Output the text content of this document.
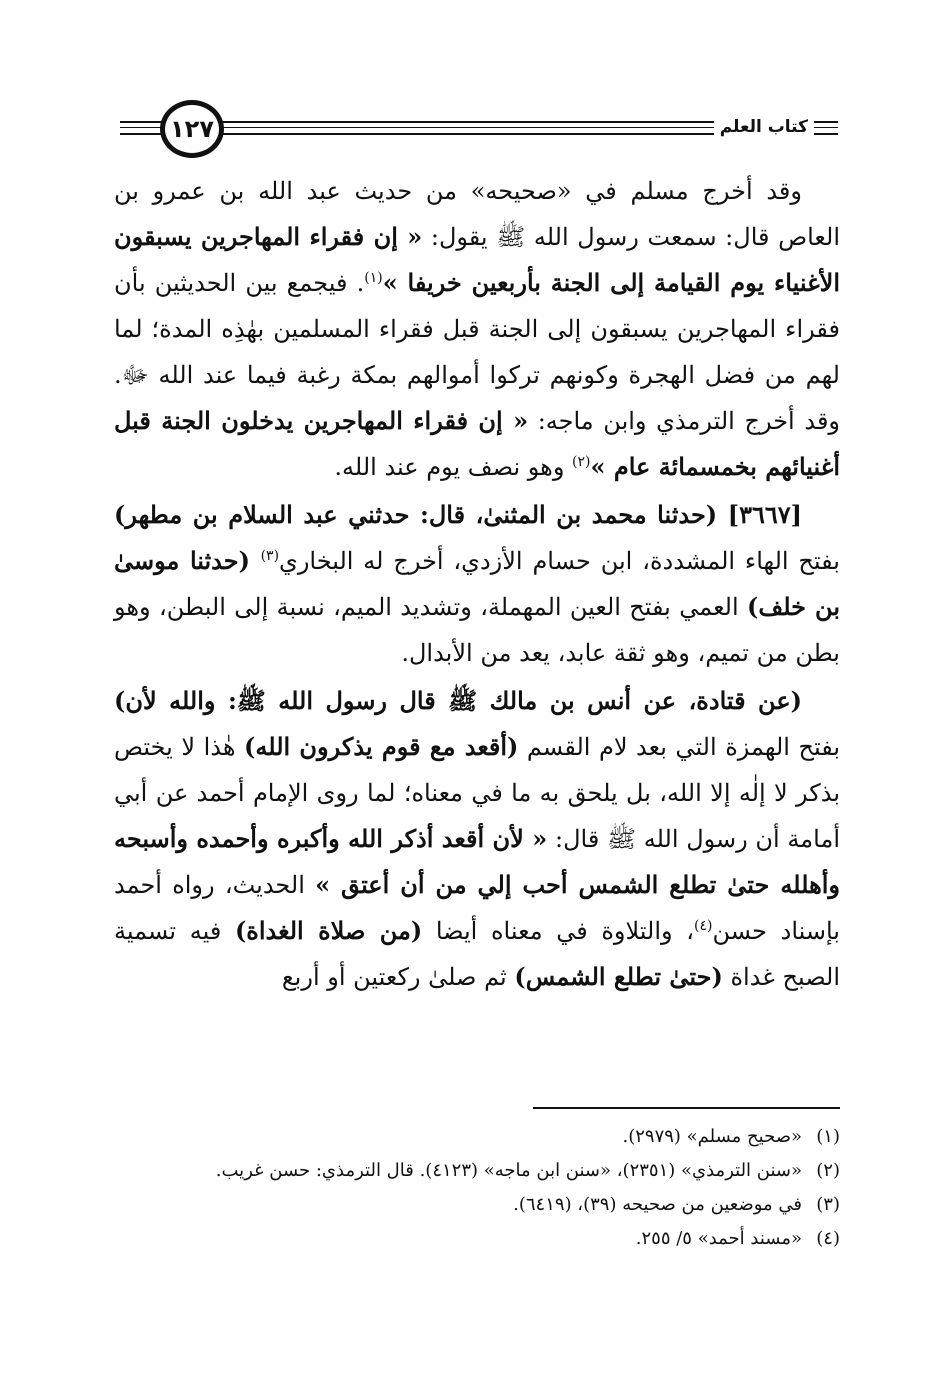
كتاب العلم
١٢٧

وقد أخرج مسلم في «صحيحه» من حديث عبد الله بن عمرو بن العاص قال: سمعت رسول الله ﷺ يقول: « إن فقراء المهاجرين يسبقون الأغنياء يوم القيامة إلى الجنة بأربعين خريفا »$^{(١)}$. فيجمع بين الحديثين بأن فقراء المهاجرين يسبقون إلى الجنة قبل فقراء المسلمين بهٰذِه المدة؛ لما لهم من فضل الهجرة وكونهم تركوا أموالهم بمكة رغبة فيما عند الله ﷻ. وقد أخرج الترمذي وابن ماجه: « إن فقراء المهاجرين يدخلون الجنة قبل أغنيائهم بخمسمائة عام »$^{(٢)}$ وهو نصف يوم عند الله.

[٣٦٦٧] (حدثنا محمد بن المثنىٰ، قال: حدثني عبد السلام بن مطهر) بفتح الهاء المشددة، ابن حسام الأزدي، أخرج له البخاري$^{(٣)}$ (حدثنا موسىٰ بن خلف) العمي بفتح العين المهملة، وتشديد الميم، نسبة إلى البطن، وهو بطن من تميم، وهو ثقة عابد، يعد من الأبدال.

(عن قتادة، عن أنس بن مالك ﷺ قال رسول الله ﷺ: والله لأن) بفتح الهمزة التي بعد لام القسم (أقعد مع قوم يذكرون الله) هٰذا لا يختص بذكر لا إلٰه إلا الله، بل يلحق به ما في معناه؛ لما روى الإمام أحمد عن أبي أمامة أن رسول الله ﷺ قال: « لأن أقعد أذكر الله وأكبره وأحمده وأسبحه وأهلله حتىٰ تطلع الشمس أحب إلي من أن أعتق » الحديث، رواه أحمد بإسناد حسن$^{(٤)}$، والتلاوة في معناه أيضا (من صلاة الغداة) فيه تسمية الصبح غداة (حتىٰ تطلع الشمس) ثم صلىٰ ركعتين أو أربع

(١)
«صحيح مسلم» (٢٩٧٩).
(٢)
«سنن الترمذي» (٢٣٥١)، «سنن ابن ماجه» (٤١٢٣). قال الترمذي: حسن غريب.
(٣)
في موضعين من صحيحه (٣٩)، (٦٤١٩).
(٤)
«مسند أحمد» ٥/ ٢٥٥.
